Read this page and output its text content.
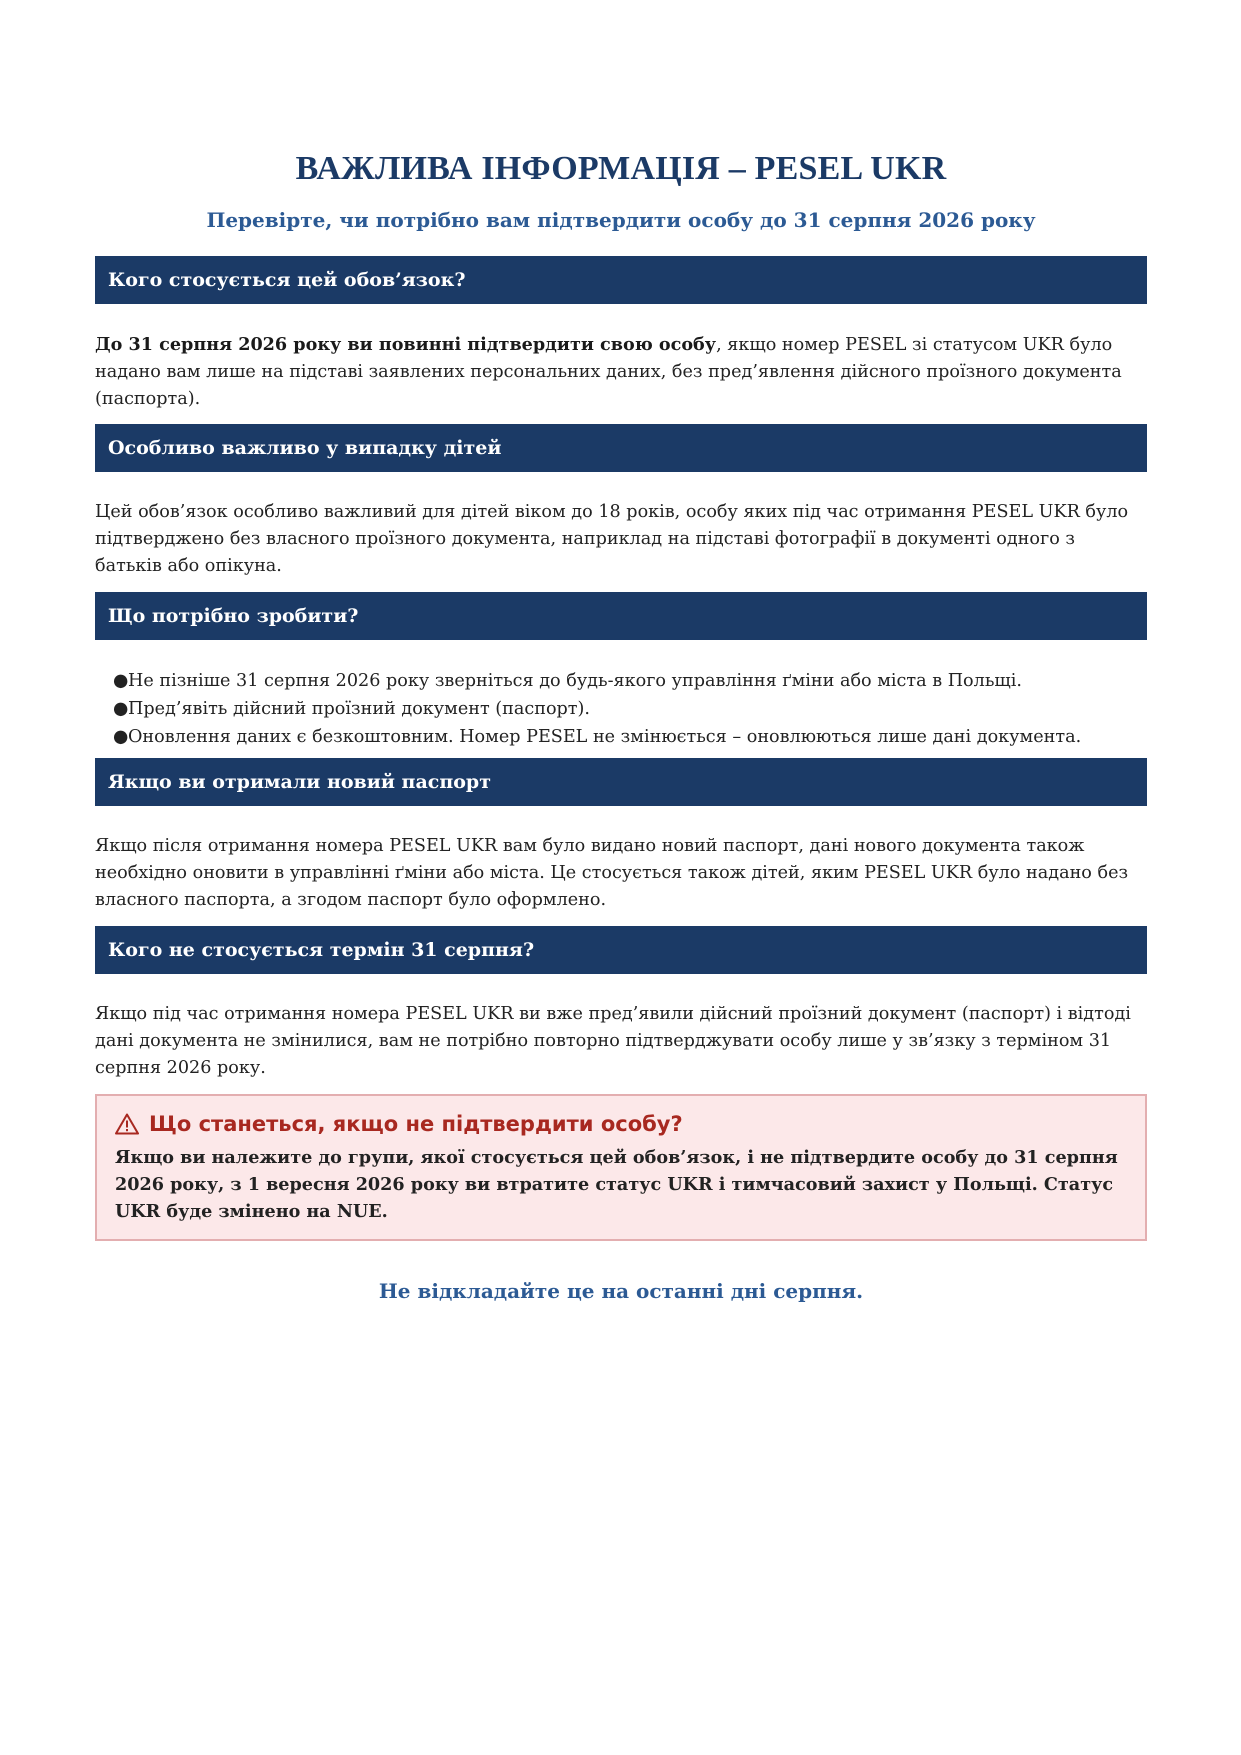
ВАЖЛИВА ІНФОРМАЦІЯ – PESEL UKR
Перевірте, чи потрібно вам підтвердити особу до 31 серпня 2026 року
Кого стосується цей обов’язок?
До 31 серпня 2026 року ви повинні підтвердити свою особу, якщо номер PESEL зі статусом UKR було надано вам лише на підставі заявлених персональних даних, без пред’явлення дійсного проїзного документа (паспорта).
Особливо важливо у випадку дітей
Цей обов’язок особливо важливий для дітей віком до 18 років, особу яких під час отримання PESEL UKR було підтверджено без власного проїзного документа, наприклад на підставі фотографії в документі одного з батьків або опікуна.
Що потрібно зробити?
●Не пізніше 31 серпня 2026 року зверніться до будь-якого управління ґміни або міста в Польщі.
●Пред’явіть дійсний проїзний документ (паспорт).
●Оновлення даних є безкоштовним. Номер PESEL не змінюється – оновлюються лише дані документа.
Якщо ви отримали новий паспорт
Якщо після отримання номера PESEL UKR вам було видано новий паспорт, дані нового документа також необхідно оновити в управлінні ґміни або міста. Це стосується також дітей, яким PESEL UKR було надано без власного паспорта, а згодом паспорт було оформлено.
Кого не стосується термін 31 серпня?
Якщо під час отримання номера PESEL UKR ви вже пред’явили дійсний проїзний документ (паспорт) і відтоді дані документа не змінилися, вам не потрібно повторно підтверджувати особу лише у зв’язку з терміном 31 серпня 2026 року.
Що станеться, якщо не підтвердити особу?
Якщо ви належите до групи, якої стосується цей обов’язок, і не підтвердите особу до 31 серпня 2026 року, з 1 вересня 2026 року ви втратите статус UKR і тимчасовий захист у Польщі. Статус UKR буде змінено на NUE.
Не відкладайте це на останні дні серпня.
